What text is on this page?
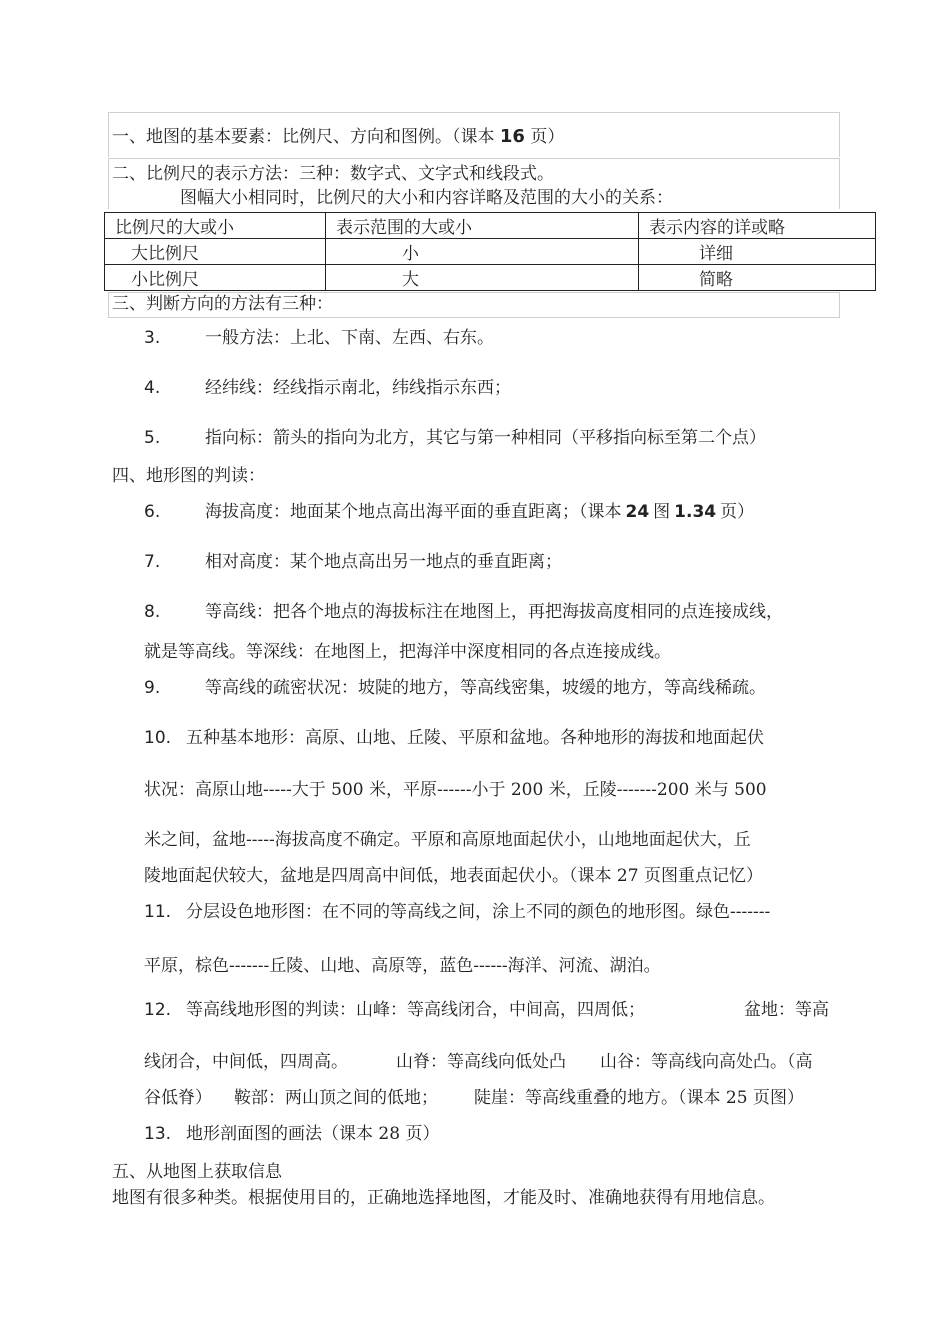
一、地图的基本要素：比例尺、方向和图例。（课本 16 页）
二、比例尺的表示方法：三种：数字式、文字式和线段式。
图幅大小相同时，比例尺的大小和内容详略及范围的大小的关系：
比例尺的大或小	表示范围的大或小	表示内容的详或略
大比例尺	小	详细
小比例尺	大	简略
三、判断方向的方法有三种：
3.	一般方法：上北、下南、左西、右东。
4.	经纬线：经线指示南北，纬线指示东西；
5.	指向标：箭头的指向为北方，其它与第一种相同（平移指向标至第二个点）
四、地形图的判读：
6.	海拔高度：地面某个地点高出海平面的垂直距离；（课本 24 图 1.34 页）
7.	相对高度：某个地点高出另一地点的垂直距离；
8.	等高线：把各个地点的海拔标注在地图上，再把海拔高度相同的点连接成线，
就是等高线。等深线：在地图上，把海洋中深度相同的各点连接成线。
9.	等高线的疏密状况：坡陡的地方，等高线密集，坡缓的地方，等高线稀疏。
10. 五种基本地形：高原、山地、丘陵、平原和盆地。各种地形的海拔和地面起伏
状况：高原山地-----大于 500 米，平原------小于 200 米，丘陵-------200 米与 500
米之间，盆地-----海拔高度不确定。平原和高原地面起伏小，山地地面起伏大，丘
陵地面起伏较大，盆地是四周高中间低，地表面起伏小。（课本 27 页图重点记忆）
11. 分层设色地形图：在不同的等高线之间，涂上不同的颜色的地形图。绿色-------
平原，棕色-------丘陵、山地、高原等，蓝色------海洋、河流、湖泊。
12. 等高线地形图的判读：山峰：等高线闭合，中间高，四周低；	盆地：等高
线闭合，中间低，四周高。	山脊：等高线向低处凸 山谷：等高线向高处凸。（高
谷低脊） 鞍部：两山顶之间的低地； 陡崖：等高线重叠的地方。（课本 25 页图）
13. 地形剖面图的画法（课本 28 页）
五、从地图上获取信息
地图有很多种类。根据使用目的，正确地选择地图，才能及时、准确地获得有用地信息。
